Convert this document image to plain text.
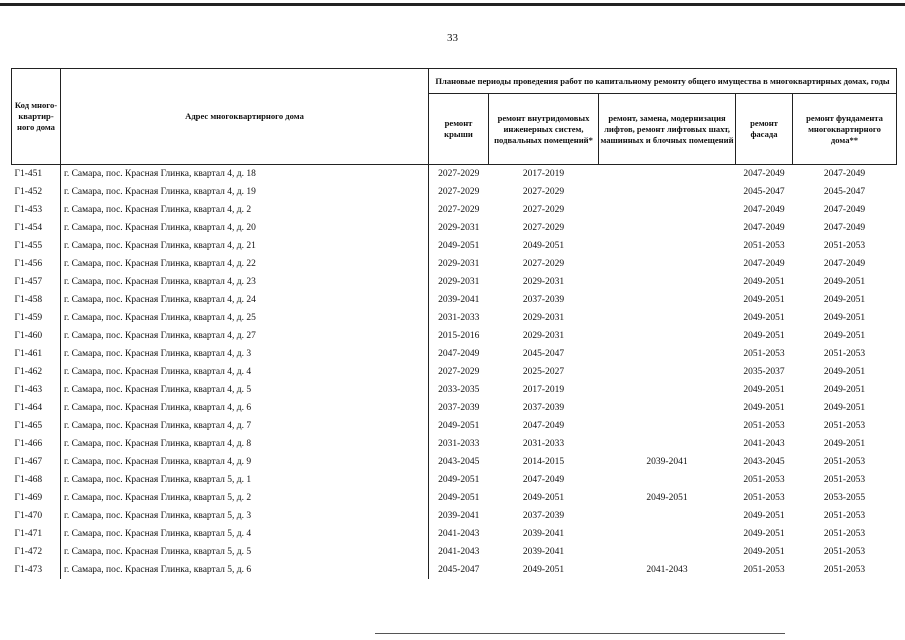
33
Код много-квартир-ного дома	Адрес многоквартирного дома	Плановые периоды проведения работ по капитальному ремонту общего имущества в многоквартирных домах, годы				
		ремонт крыши	ремонт внутридомовых инженерных систем, подвальных помещений*	ремонт, замена, модернизация лифтов, ремонт лифтовых шахт, машинных и блочных помещений	ремонт фасада	ремонт фундамента многоквартирного дома**
Г1-451	г. Самара, пос. Красная Глинка, квартал 4, д. 18	2027-2029	2017-2019		2047-2049	2047-2049
Г1-452	г. Самара, пос. Красная Глинка, квартал 4, д. 19	2027-2029	2027-2029		2045-2047	2045-2047
Г1-453	г. Самара, пос. Красная Глинка, квартал 4, д. 2	2027-2029	2027-2029		2047-2049	2047-2049
Г1-454	г. Самара, пос. Красная Глинка, квартал 4, д. 20	2029-2031	2027-2029		2047-2049	2047-2049
Г1-455	г. Самара, пос. Красная Глинка, квартал 4, д. 21	2049-2051	2049-2051		2051-2053	2051-2053
Г1-456	г. Самара, пос. Красная Глинка, квартал 4, д. 22	2029-2031	2027-2029		2047-2049	2047-2049
Г1-457	г. Самара, пос. Красная Глинка, квартал 4, д. 23	2029-2031	2029-2031		2049-2051	2049-2051
Г1-458	г. Самара, пос. Красная Глинка, квартал 4, д. 24	2039-2041	2037-2039		2049-2051	2049-2051
Г1-459	г. Самара, пос. Красная Глинка, квартал 4, д. 25	2031-2033	2029-2031		2049-2051	2049-2051
Г1-460	г. Самара, пос. Красная Глинка, квартал 4, д. 27	2015-2016	2029-2031		2049-2051	2049-2051
Г1-461	г. Самара, пос. Красная Глинка, квартал 4, д. 3	2047-2049	2045-2047		2051-2053	2051-2053
Г1-462	г. Самара, пос. Красная Глинка, квартал 4, д. 4	2027-2029	2025-2027		2035-2037	2049-2051
Г1-463	г. Самара, пос. Красная Глинка, квартал 4, д. 5	2033-2035	2017-2019		2049-2051	2049-2051
Г1-464	г. Самара, пос. Красная Глинка, квартал 4, д. 6	2037-2039	2037-2039		2049-2051	2049-2051
Г1-465	г. Самара, пос. Красная Глинка, квартал 4, д. 7	2049-2051	2047-2049		2051-2053	2051-2053
Г1-466	г. Самара, пос. Красная Глинка, квартал 4, д. 8	2031-2033	2031-2033		2041-2043	2049-2051
Г1-467	г. Самара, пос. Красная Глинка, квартал 4, д. 9	2043-2045	2014-2015	2039-2041	2043-2045	2051-2053
Г1-468	г. Самара, пос. Красная Глинка, квартал 5, д. 1	2049-2051	2047-2049		2051-2053	2051-2053
Г1-469	г. Самара, пос. Красная Глинка, квартал 5, д. 2	2049-2051	2049-2051	2049-2051	2051-2053	2053-2055
Г1-470	г. Самара, пос. Красная Глинка, квартал 5, д. 3	2039-2041	2037-2039		2049-2051	2051-2053
Г1-471	г. Самара, пос. Красная Глинка, квартал 5, д. 4	2041-2043	2039-2041		2049-2051	2051-2053
Г1-472	г. Самара, пос. Красная Глинка, квартал 5, д. 5	2041-2043	2039-2041		2049-2051	2051-2053
Г1-473	г. Самара, пос. Красная Глинка, квартал 5, д. 6	2045-2047	2049-2051	2041-2043	2051-2053	2051-2053
